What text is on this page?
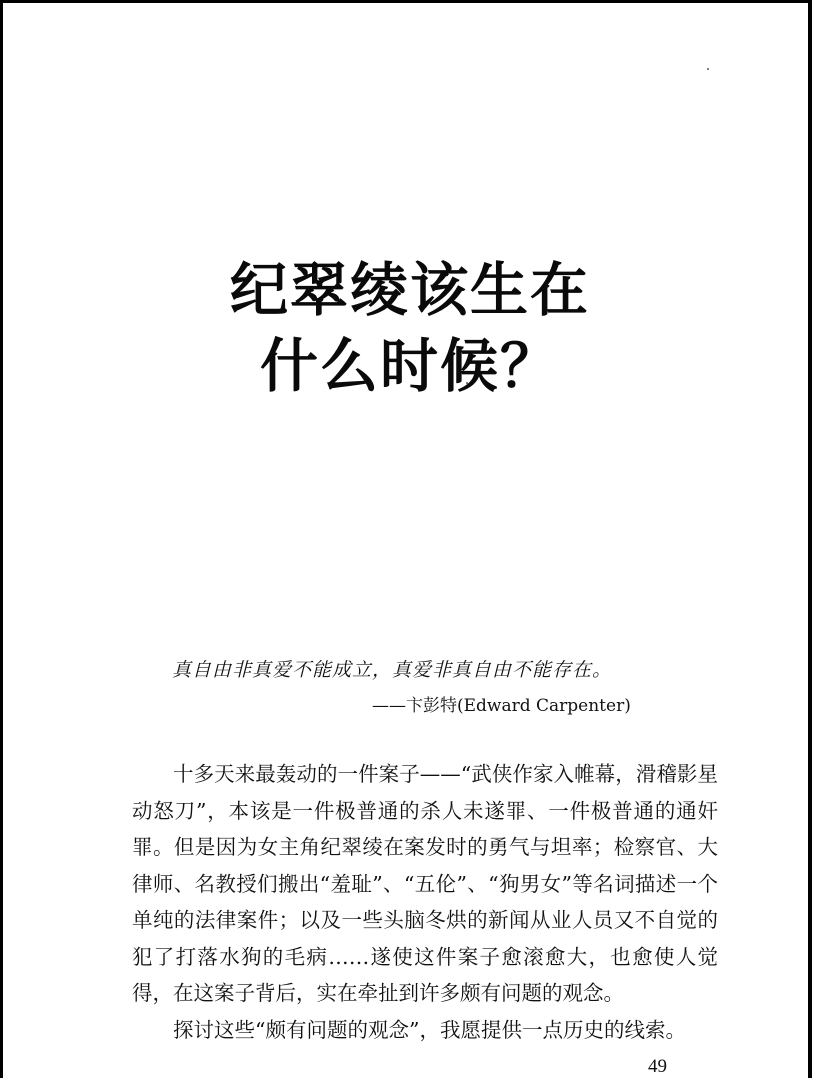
纪翠绫该生在
什么时候？
真自由非真爱不能成立，真爱非真自由不能存在。
——卞彭特(Edward Carpenter)

十多天来最轰动的一件案子——“武侠作家入帷幕，滑稽影星动怒刀”，本该是一件极普通的杀人未遂罪、一件极普通的通奸罪。但是因为女主角纪翠绫在案发时的勇气与坦率；检察官、大律师、名教授们搬出“羞耻”、“五伦”、“狗男女”等名词描述一个单纯的法律案件；以及一些头脑冬烘的新闻从业人员又不自觉的犯了打落水狗的毛病……遂使这件案子愈滚愈大，也愈使人觉得，在这案子背后，实在牵扯到许多颇有问题的观念。

探讨这些“颇有问题的观念”，我愿提供一点历史的线索。

49
